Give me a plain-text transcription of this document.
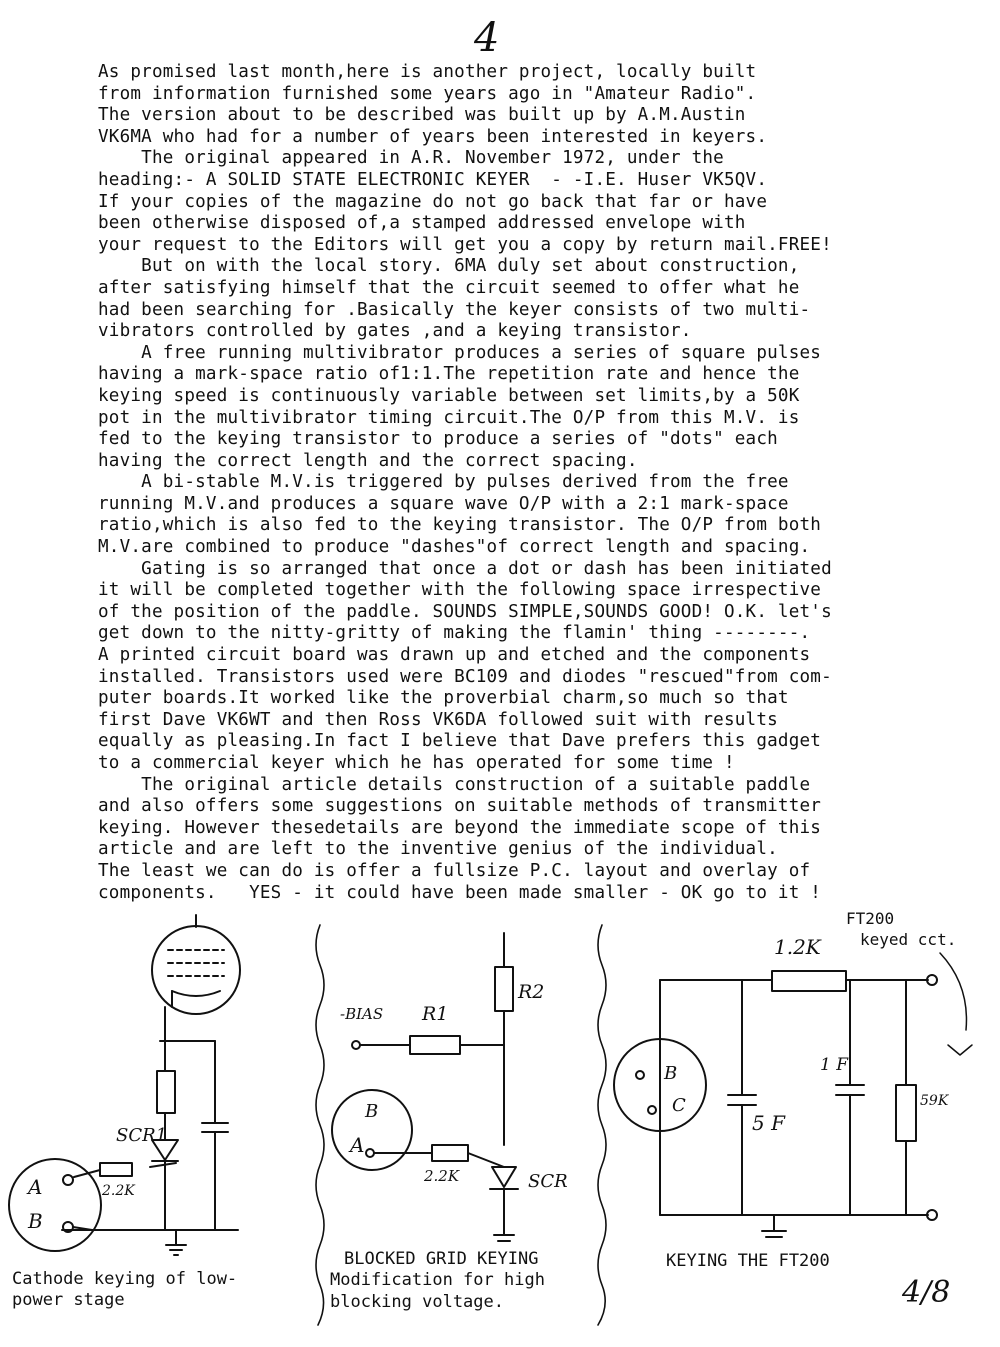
4
As promised last month,here is another project, locally built
from information furnished some years ago in "Amateur Radio".
The version about to be described was built up by A.M.Austin
VK6MA who had for a number of years been interested in keyers.
The original appeared in A.R. November 1972, under the
heading:- A SOLID STATE ELECTRONIC KEYER  - -I.E. Huser VK5QV.
If your copies of the magazine do not go back that far or have
been otherwise disposed of,a stamped addressed envelope with
your request to the Editors will get you a copy by return mail.FREE!
But on with the local story. 6MA duly set about construction,
after satisfying himself that the circuit seemed to offer what he
had been searching for .Basically the keyer consists of two multi-
vibrators controlled by gates ,and a keying transistor.
A free running multivibrator produces a series of square pulses
having a mark-space ratio of1:1.The repetition rate and hence the
keying speed is continuously variable between set limits,by a 50K
pot in the multivibrator timing circuit.The O/P from this M.V. is
fed to the keying transistor to produce a series of "dots" each
having the correct length and the correct spacing.
A bi-stable M.V.is triggered by pulses derived from the free
running M.V.and produces a square wave O/P with a 2:1 mark-space
ratio,which is also fed to the keying transistor. The O/P from both
M.V.are combined to produce "dashes"of correct length and spacing.
Gating is so arranged that once a dot or dash has been initiated
it will be completed together with the following space irrespective
of the position of the paddle. SOUNDS SIMPLE,SOUNDS GOOD! O.K. let's
get down to the nitty-gritty of making the flamin' thing --------.
A printed circuit board was drawn up and etched and the components
installed. Transistors used were BC109 and diodes "rescued"from com-
puter boards.It worked like the proverbial charm,so much so that
first Dave VK6WT and then Ross VK6DA followed suit with results
equally as pleasing.In fact I believe that Dave prefers this gadget
to a commercial keyer which he has operated for some time !
The original article details construction of a suitable paddle
and also offers some suggestions on suitable methods of transmitter
keying. However thesedetails are beyond the immediate scope of this
article and are left to the inventive genius of the individual.
The least we can do is offer a fullsize P.C. layout and overlay of
components.   YES - it could have been made smaller - OK go to it !
SCR1
A
B
2.2K
Cathode keying of low-
power stage
-BIAS R1
R2
B
A
2.2K	SCR
BLOCKED GRID KEYING
Modification for high
blocking voltage.
FT200
keyed cct.
1.2K
B
C
5 F
1 F
59K
KEYING THE FT200
4/8
